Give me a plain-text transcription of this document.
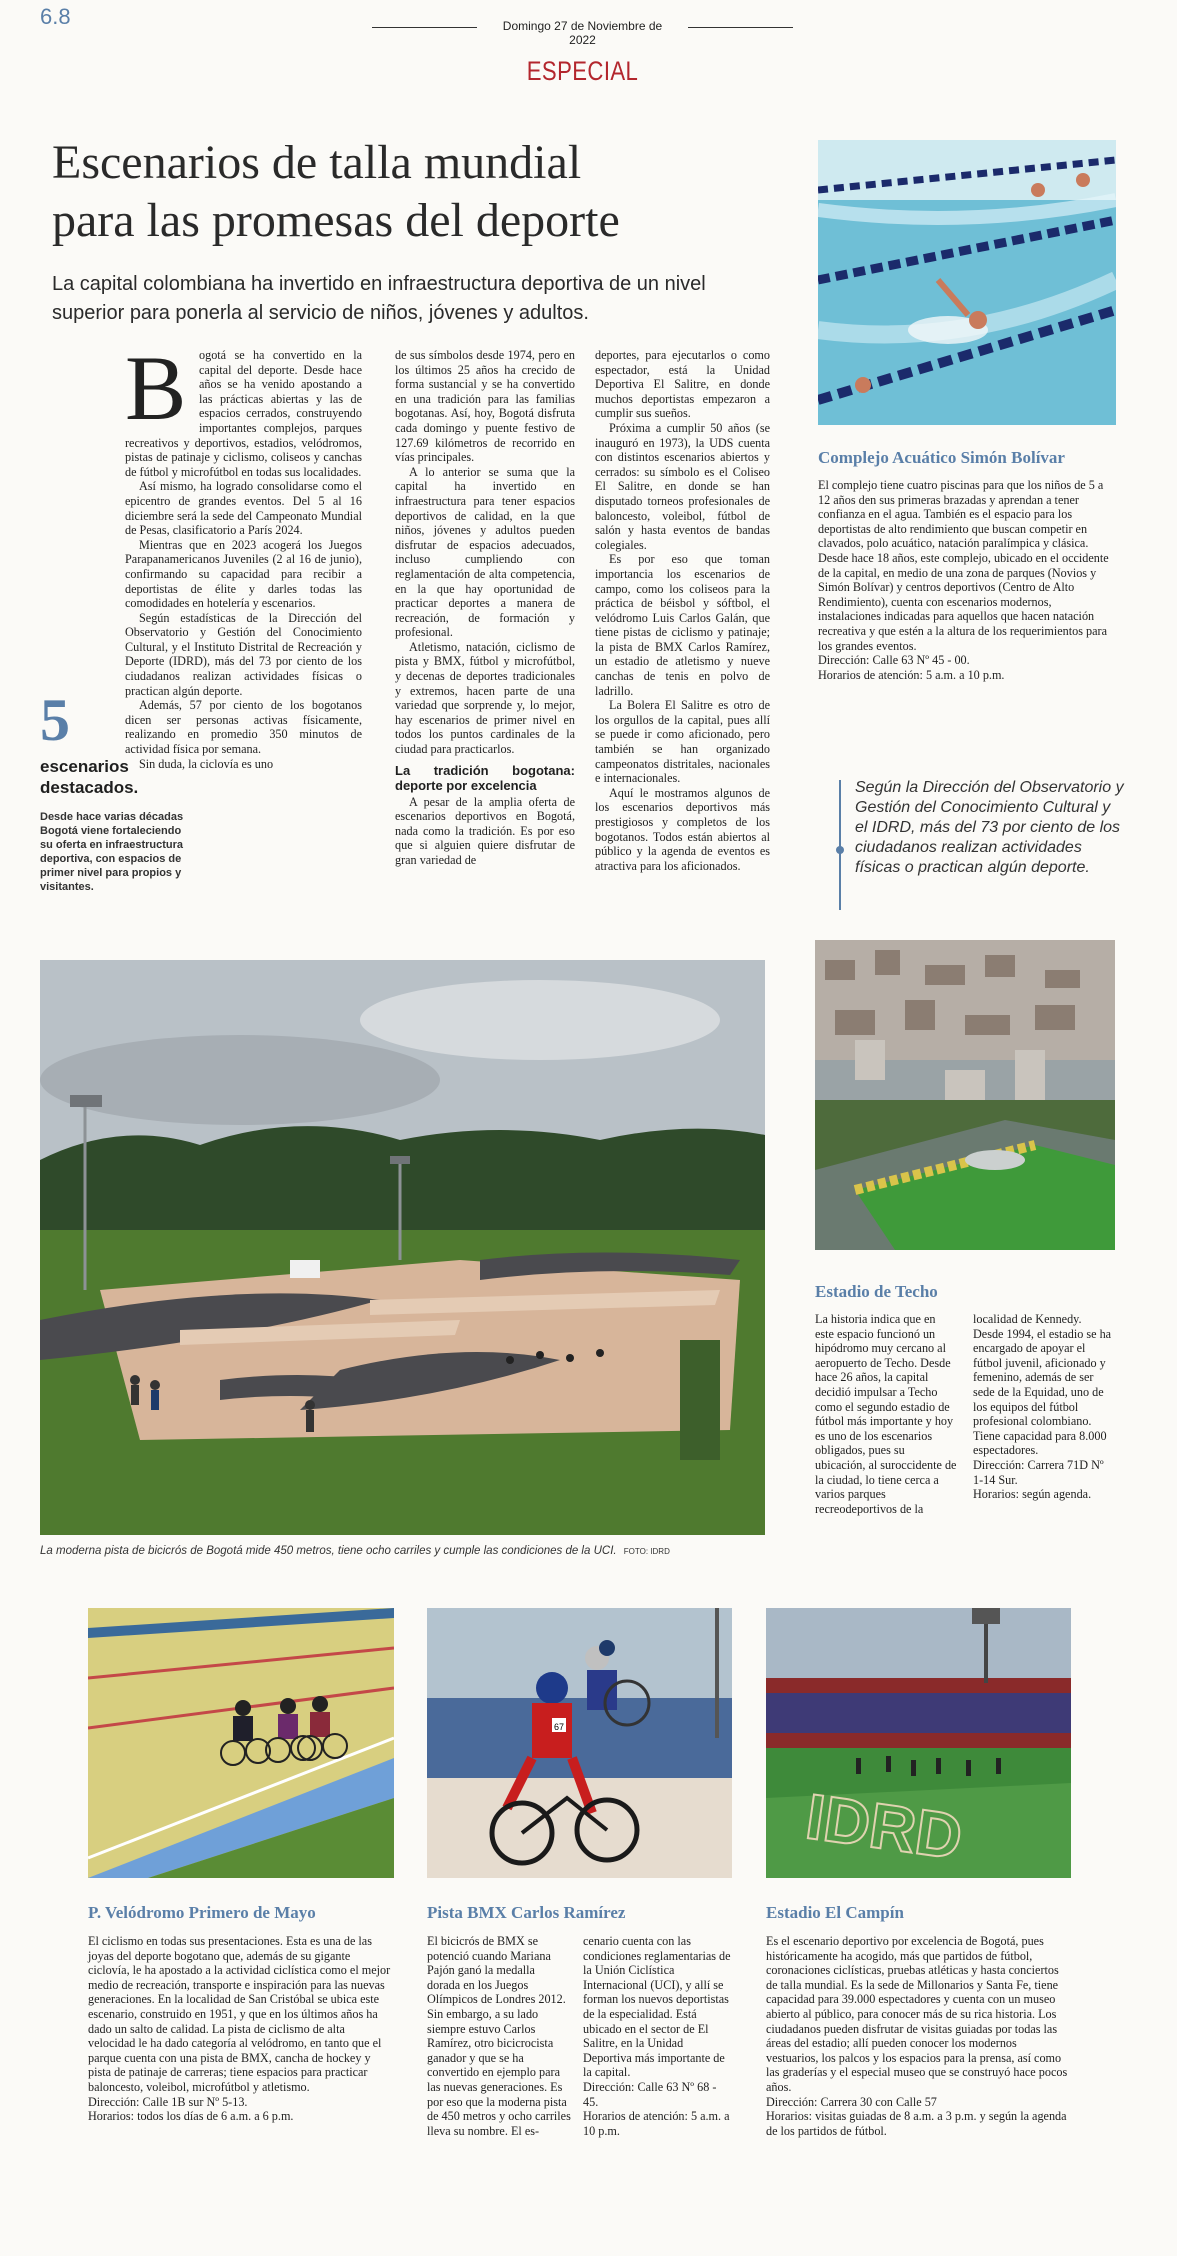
6.8	Domingo 27 de Noviembre de 2022
ESPECIAL
Escenarios de talla mundial
para las promesas del deporte
La capital colombiana ha invertido en infraestructura deportiva de un nivel superior para ponerla al servicio de niños, jóvenes y adultos.
5
escenarios
destacados.
Desde hace varias décadas Bogotá viene fortaleciendo su oferta en infraestructura deportiva, con espacios de primer nivel para propios y visitantes.
B	ogotá se ha convertido en la capital del deporte. Desde hace años se ha venido apostando a las prácticas abiertas y las de espacios cerrados, construyendo importantes complejos, parques recreativos y deportivos, estadios, velódromos, pistas de patinaje y ciclismo, coliseos y canchas de fútbol y microfútbol en todas sus localidades.

Así mismo, ha logrado consolidarse como el epicentro de grandes eventos. Del 5 al 16 diciembre será la sede del Campeonato Mundial de Pesas, clasificatorio a París 2024.

Mientras que en 2023 acogerá los Juegos Parapanamericanos Juveniles (2 al 16 de junio), confirmando su capacidad para recibir a deportistas de élite y darles todas las comodidades en hotelería y escenarios.

Según estadísticas de la Dirección del Observatorio y Gestión del Conocimiento Cultural, y el Instituto Distrital de Recreación y Deporte (IDRD), más del 73 por ciento de los ciudadanos realizan actividades físicas o practican algún deporte.

Además, 57 por ciento de los bogotanos dicen ser personas activas físicamente, realizando en promedio 350 minutos de actividad física por semana.

Sin duda, la ciclovía es uno

de sus símbolos desde 1974, pero en los últimos 25 años ha crecido de forma sustancial y se ha convertido en una tradición para las familias bogotanas. Así, hoy, Bogotá disfruta cada domingo y puente festivo de 127.69 kilómetros de recorrido en vías principales.

A lo anterior se suma que la capital ha invertido en infraestructura para tener espacios deportivos de calidad, en la que niños, jóvenes y adultos pueden disfrutar de espacios adecuados, incluso cumpliendo con reglamentación de alta competencia, en la que hay oportunidad de practicar deportes a manera de recreación, de formación y profesional.

Atletismo, natación, ciclismo de pista y BMX, fútbol y microfútbol, y decenas de deportes tradicionales y extremos, hacen parte de una variedad que sorprende y, lo mejor, hay escenarios de primer nivel en todos los puntos cardinales de la ciudad para practicarlos.

La tradición bogotana: deporte por excelencia

A pesar de la amplia oferta de escenarios deportivos en Bogotá, nada como la tradición. Es por eso que si alguien quiere disfrutar de gran variedad de

deportes, para ejecutarlos o como espectador, está la Unidad Deportiva El Salitre, en donde muchos deportistas empezaron a cumplir sus sueños.

Próxima a cumplir 50 años (se inauguró en 1973), la UDS cuenta con distintos escenarios abiertos y cerrados: su símbolo es el Coliseo El Salitre, en donde se han disputado torneos profesionales de baloncesto, voleibol, fútbol de salón y hasta eventos de bandas colegiales.

Es por eso que toman importancia los escenarios de campo, como los coliseos para la práctica de béisbol y sóftbol, el velódromo Luis Carlos Galán, que tiene pistas de ciclismo y patinaje; la pista de BMX Carlos Ramírez, un estadio de atletismo y nueve canchas de tenis en polvo de ladrillo.

La Bolera El Salitre es otro de los orgullos de la capital, pues allí se puede ir como aficionado, pero también se han organizado campeonatos distritales, nacionales e internacionales.

Aquí le mostramos algunos de los escenarios deportivos más prestigiosos y completos de los bogotanos. Todos están abiertos al público y la agenda de eventos es atractiva para los aficionados.

Complejo Acuático Simón Bolívar
El complejo tiene cuatro piscinas para que los niños de 5 a 12 años den sus primeras brazadas y aprendan a tener confianza en el agua. También es el espacio para los deportistas de alto rendimiento que buscan competir en clavados, polo acuático, natación paralímpica y clásica. Desde hace 18 años, este complejo, ubicado en el occidente de la capital, en medio de una zona de parques (Novios y Simón Bolívar) y centros deportivos (Centro de Alto Rendimiento), cuenta con escenarios modernos, instalaciones indicadas para aquellos que hacen natación recreativa y que estén a la altura de los requerimientos para los grandes eventos.
Dirección: Calle 63 Nº 45 - 00.
Horarios de atención: 5 a.m. a 10 p.m.
Según la Dirección del Observatorio y Gestión del Conocimiento Cultural y el IDRD, más del 73 por ciento de los ciudadanos realizan actividades físicas o practican algún deporte.
La moderna pista de bicicrós de Bogotá mide 450 metros, tiene ocho carriles y cumple las condiciones de la UCI. FOTO: IDRD
Estadio de Techo
La historia indica que en este espacio funcionó un hipódromo muy cercano al aeropuerto de Techo. Desde hace 26 años, la capital decidió impulsar a Techo como el segundo estadio de fútbol más importante y hoy es uno de los escenarios obligados, pues su ubicación, al suroccidente de la ciudad, lo tiene cerca a varios parques recreodeportivos de la
localidad de Kennedy. Desde 1994, el estadio se ha encargado de apoyar el fútbol juvenil, aficionado y femenino, además de ser sede de la Equidad, uno de los equipos del fútbol profesional colombiano. Tiene capacidad para 8.000 espectadores.
Dirección: Carrera 71D Nº 1-14 Sur.
Horarios: según agenda.
P. Velódromo Primero de Mayo
El ciclismo en todas sus presentaciones. Esta es una de las joyas del deporte bogotano que, además de su gigante ciclovía, le ha apostado a la actividad ciclística como el mejor medio de recreación, transporte e inspiración para las nuevas generaciones. En la localidad de San Cristóbal se ubica este escenario, construido en 1951, y que en los últimos años ha dado un salto de calidad. La pista de ciclismo de alta velocidad le ha dado categoría al velódromo, en tanto que el parque cuenta con una pista de BMX, cancha de hockey y pista de patinaje de carreras; tiene espacios para practicar baloncesto, voleibol, microfútbol y atletismo.
Dirección: Calle 1B sur Nº 5-13.
Horarios: todos los días de 6 a.m. a 6 p.m.
67
Pista BMX Carlos Ramírez
El bicicrós de BMX se potenció cuando Mariana Pajón ganó la medalla dorada en los Juegos Olímpicos de Londres 2012. Sin embargo, a su lado siempre estuvo Carlos Ramírez, otro bicicrocista ganador y que se ha convertido en ejemplo para las nuevas generaciones. Es por eso que la moderna pista de 450 metros y ocho carriles lleva su nombre. El es-
cenario cuenta con las condiciones reglamentarias de la Unión Ciclística Internacional (UCI), y allí se forman los nuevos deportistas de la especialidad. Está ubicado en el sector de El Salitre, en la Unidad Deportiva más importante de la capital.
Dirección: Calle 63 Nº 68 - 45.
Horarios de atención: 5 a.m. a 10 p.m.
IDRD
Estadio El Campín
Es el escenario deportivo por excelencia de Bogotá, pues históricamente ha acogido, más que partidos de fútbol, coronaciones ciclísticas, pruebas atléticas y hasta conciertos de talla mundial. Es la sede de Millonarios y Santa Fe, tiene capacidad para 39.000 espectadores y cuenta con un museo abierto al público, para conocer más de su rica historia. Los ciudadanos pueden disfrutar de visitas guiadas por todas las áreas del estadio; allí pueden conocer los modernos vestuarios, los palcos y los espacios para la prensa, así como las graderías y el especial museo que se construyó hace pocos años.
Dirección: Carrera 30 con Calle 57
Horarios: visitas guiadas de 8 a.m. a 3 p.m. y según la agenda de los partidos de fútbol.
